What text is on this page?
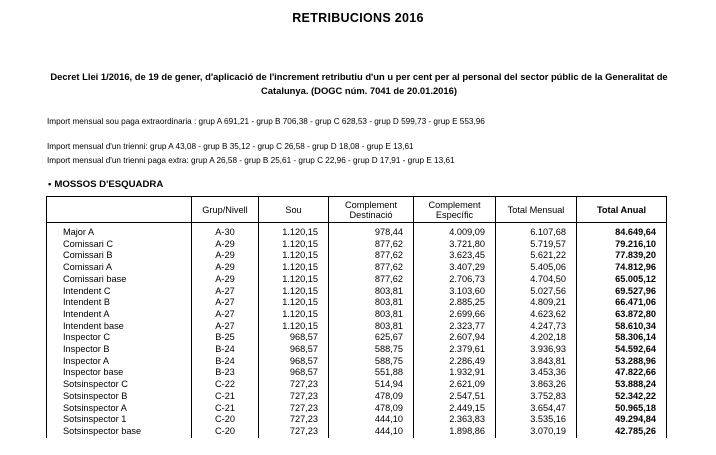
RETRIBUCIONS 2016
Decret Llei 1/2016, de 19 de gener, d'aplicació de l'increment retributiu d'un u per cent per al personal del sector públic de la Generalitat de Catalunya. (DOGC núm. 7041 de 20.01.2016)
Import mensual sou paga extraordinaria : grup A 691,21 - grup B 706,38 - grup C 628,53 - grup D 599,73 - grup E 553,96
Import mensual d'un trienni: grup A 43,08 - grup B 35,12 - grup C 26,58 - grup D 18,08 - grup E 13,61
Import mensual d'un trienni paga extra: grup A 26,58 - grup B 25,61 - grup C 22,96 - grup D 17,91 - grup E 13,61
• MOSSOS D'ESQUADRA
	Grup/Nivell	Sou	Complement Destinació	Complement Específic	Total Mensual	Total Anual
Major A	A-30	1.120,15	978,44	4.009,09	6.107,68	84.649,64
Comissari C	A-29	1.120,15	877,62	3.721,80	5.719,57	79.216,10
Comissari B	A-29	1.120,15	877,62	3.623,45	5.621,22	77.839,20
Comissari A	A-29	1.120,15	877,62	3.407,29	5.405,06	74.812,96
Comissari base	A-29	1.120,15	877,62	2.706,73	4.704,50	65.005,12
Intendent C	A-27	1.120,15	803,81	3.103,60	5.027,56	69.527,96
Intendent B	A-27	1.120,15	803,81	2.885,25	4.809,21	66.471,06
Intendent A	A-27	1.120,15	803,81	2.699,66	4.623,62	63.872,80
Intendent base	A-27	1.120,15	803,81	2.323,77	4.247,73	58.610,34
Inspector C	B-25	968,57	625,67	2.607,94	4.202,18	58.306,14
Inspector B	B-24	968,57	588,75	2.379,61	3.936,93	54.592,64
Inspector A	B-24	968,57	588,75	2.286,49	3.843,81	53.288,96
Inspector base	B-23	968,57	551,88	1.932,91	3.453,36	47.822,66
Sotsinspector C	C-22	727,23	514,94	2.621,09	3.863,26	53.888,24
Sotsinspector B	C-21	727,23	478,09	2.547,51	3.752,83	52.342,22
Sotsinspector A	C-21	727,23	478,09	2.449,15	3.654,47	50.965,18
Sotsinspector 1	C-20	727,23	444,10	2.363,83	3.535,16	49.294,84
Sotsinspector base	C-20	727,23	444,10	1.898,86	3.070,19	42.785,26
